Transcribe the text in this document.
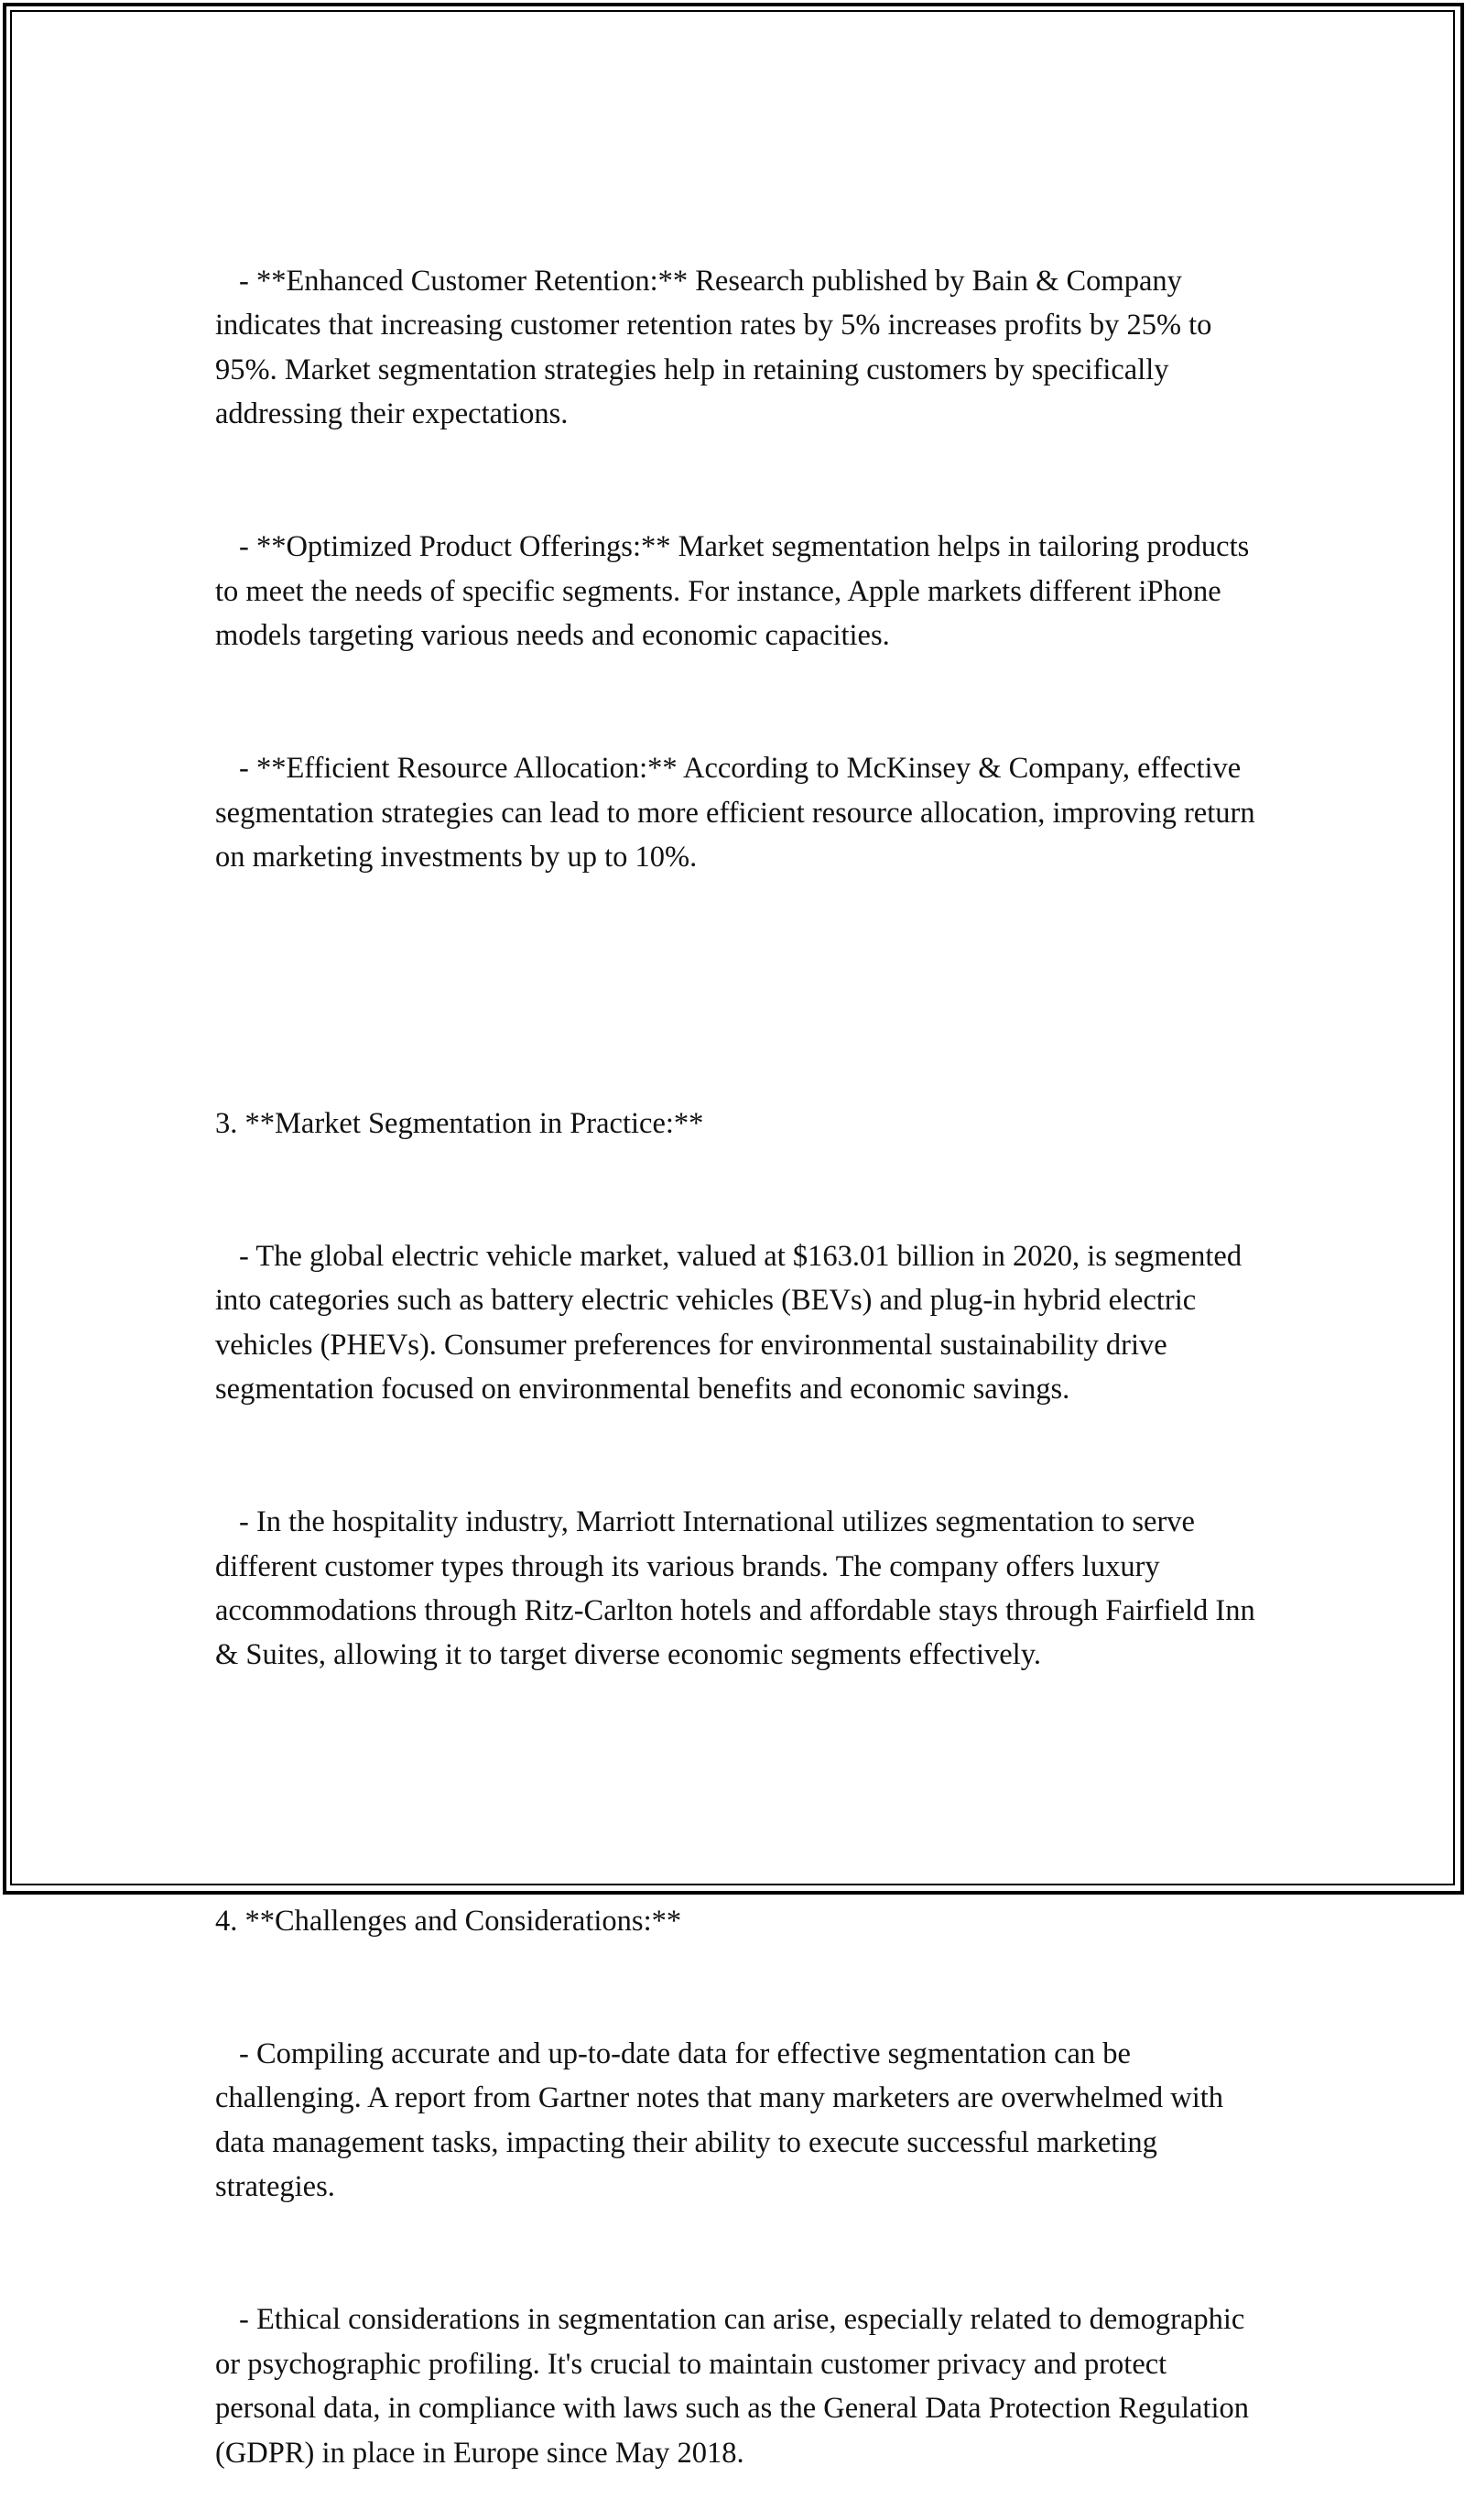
- **Enhanced Customer Retention:** Research published by Bain & Company indicates that increasing customer retention rates by 5% increases profits by 25% to 95%. Market segmentation strategies help in retaining customers by specifically addressing their expectations.

- **Optimized Product Offerings:** Market segmentation helps in tailoring products to meet the needs of specific segments. For instance, Apple markets different iPhone models targeting various needs and economic capacities.

- **Efficient Resource Allocation:** According to McKinsey & Company, effective segmentation strategies can lead to more efficient resource allocation, improving return on marketing investments by up to 10%.

3. **Market Segmentation in Practice:**

- The global electric vehicle market, valued at $163.01 billion in 2020, is segmented into categories such as battery electric vehicles (BEVs) and plug-in hybrid electric vehicles (PHEVs). Consumer preferences for environmental sustainability drive segmentation focused on environmental benefits and economic savings.

- In the hospitality industry, Marriott International utilizes segmentation to serve different customer types through its various brands. The company offers luxury accommodations through Ritz-Carlton hotels and affordable stays through Fairfield Inn & Suites, allowing it to target diverse economic segments effectively.

4. **Challenges and Considerations:**

- Compiling accurate and up-to-date data for effective segmentation can be challenging. A report from Gartner notes that many marketers are overwhelmed with data management tasks, impacting their ability to execute successful marketing strategies.

- Ethical considerations in segmentation can arise, especially related to demographic or psychographic profiling. It's crucial to maintain customer privacy and protect personal data, in compliance with laws such as the General Data Protection Regulation (GDPR) in place in Europe since May 2018.
